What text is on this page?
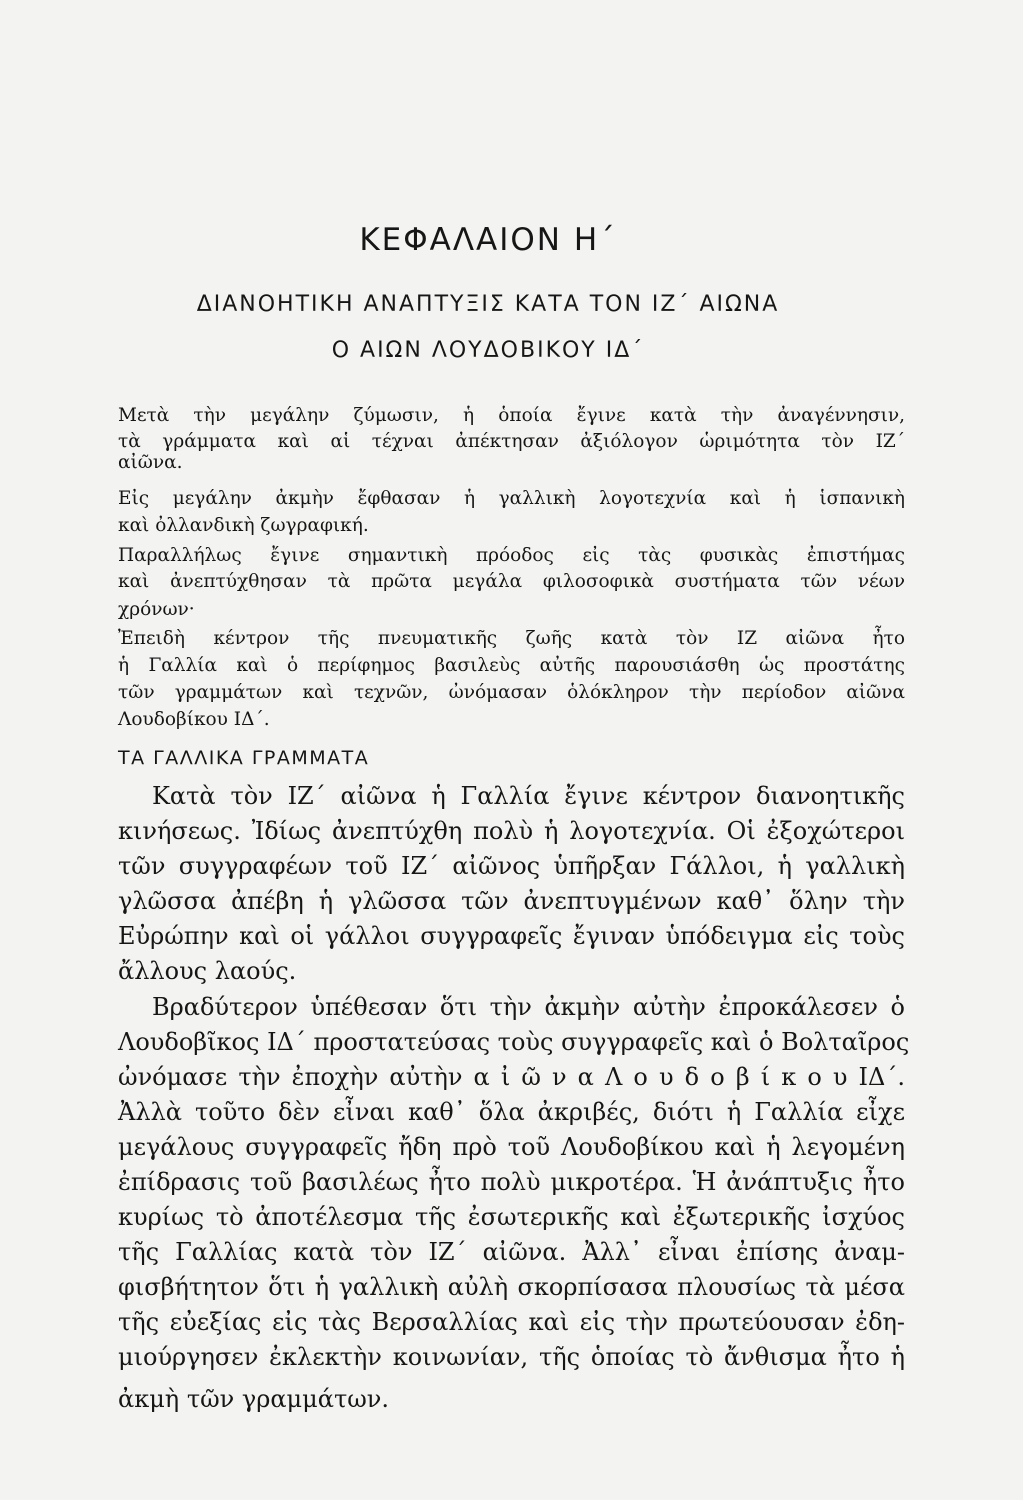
ΚΕΦΑΛΑΙΟΝ Η΄
ΔΙΑΝΟΗΤΙΚΗ ΑΝΑΠΤΥΞΙΣ ΚΑΤΑ ΤΟΝ ΙΖ΄ ΑΙΩΝΑ
Ο ΑΙΩΝ ΛΟΥΔΟΒΙΚΟΥ ΙΔ΄
Μετὰ τὴν μεγάλην ζύμωσιν, ἡ ὁποία ἔγινε κατὰ τὴν ἀναγέννησιν,
τὰ γράμματα καὶ αἱ τέχναι ἀπέκτησαν ἀξιόλογον ὡριμότητα τὸν ΙΖ΄
αἰῶνα.
Εἰς μεγάλην ἀκμὴν ἔφθασαν ἡ γαλλικὴ λογοτεχνία καὶ ἡ ἱσπανικὴ
καὶ ὀλλανδικὴ ζωγραφική.
Παραλλήλως ἔγινε σημαντικὴ πρόοδος εἰς τὰς φυσικὰς ἐπιστήμας
καὶ ἀνεπτύχθησαν τὰ πρῶτα μεγάλα φιλοσοφικὰ συστήματα τῶν νέων
χρόνων·
Ἐπειδὴ κέντρον τῆς πνευματικῆς ζωῆς κατὰ τὸν ΙΖ αἰῶνα ἦτο
ἡ Γαλλία καὶ ὁ περίφημος βασιλεὺς αὐτῆς παρουσιάσθη ὡς προστάτης
τῶν γραμμάτων καὶ τεχνῶν, ὠνόμασαν ὁλόκληρον τὴν περίοδον αἰῶνα
Λουδοβίκου ΙΔ΄.
ΤΑ ΓΑΛΛΙΚΑ ΓΡΑΜΜΑΤΑ
Κατὰ τὸν ΙΖ΄ αἰῶνα ἡ Γαλλία ἔγινε κέντρον διανοητικῆς
κινήσεως. Ἰδίως ἀνεπτύχθη πολὺ ἡ λογοτεχνία. Οἱ ἐξοχώτεροι
τῶν συγγραφέων τοῦ ΙΖ΄ αἰῶνος ὑπῆρξαν Γάλλοι, ἡ γαλλικὴ
γλῶσσα ἀπέβη ἡ γλῶσσα τῶν ἀνεπτυγμένων καθ᾽ ὅλην τὴν
Εὐρώπην καὶ οἱ γάλλοι συγγραφεῖς ἔγιναν ὑπόδειγμα εἰς τοὺς
ἄλλους λαούς.
Βραδύτερον ὑπέθεσαν ὅτι τὴν ἀκμὴν αὐτὴν ἐπροκάλεσεν ὁ
Λουδοβῖκος ΙΔ΄ προστατεύσας τοὺς συγγραφεῖς καὶ ὁ Βολταῖρος
ὠνόμασε τὴν ἐποχὴν αὐτὴν α ἰ ῶ ν α Λ ο υ δ ο β ί κ ο υ ΙΔ΄.
Ἀλλὰ τοῦτο δὲν εἶναι καθ᾽ ὅλα ἀκριβές, διότι ἡ Γαλλία εἶχε
μεγάλους συγγραφεῖς ἤδη πρὸ τοῦ Λουδοβίκου καὶ ἡ λεγομένη
ἐπίδρασις τοῦ βασιλέως ἦτο πολὺ μικροτέρα. Ἡ ἀνάπτυξις ἦτο
κυρίως τὸ ἀποτέλεσμα τῆς ἐσωτερικῆς καὶ ἐξωτερικῆς ἰσχύος
τῆς Γαλλίας κατὰ τὸν ΙΖ΄ αἰῶνα. Ἀλλ᾽ εἶναι ἐπίσης ἀναμ-
φισβήτητον ὅτι ἡ γαλλικὴ αὐλὴ σκορπίσασα πλουσίως τὰ μέσα
τῆς εὐεξίας εἰς τὰς Βερσαλλίας καὶ εἰς τὴν πρωτεύουσαν ἐδη-
μιούργησεν ἐκλεκτὴν κοινωνίαν, τῆς ὁποίας τὸ ἄνθισμα ἦτο ἡ
ἀκμὴ τῶν γραμμάτων.
